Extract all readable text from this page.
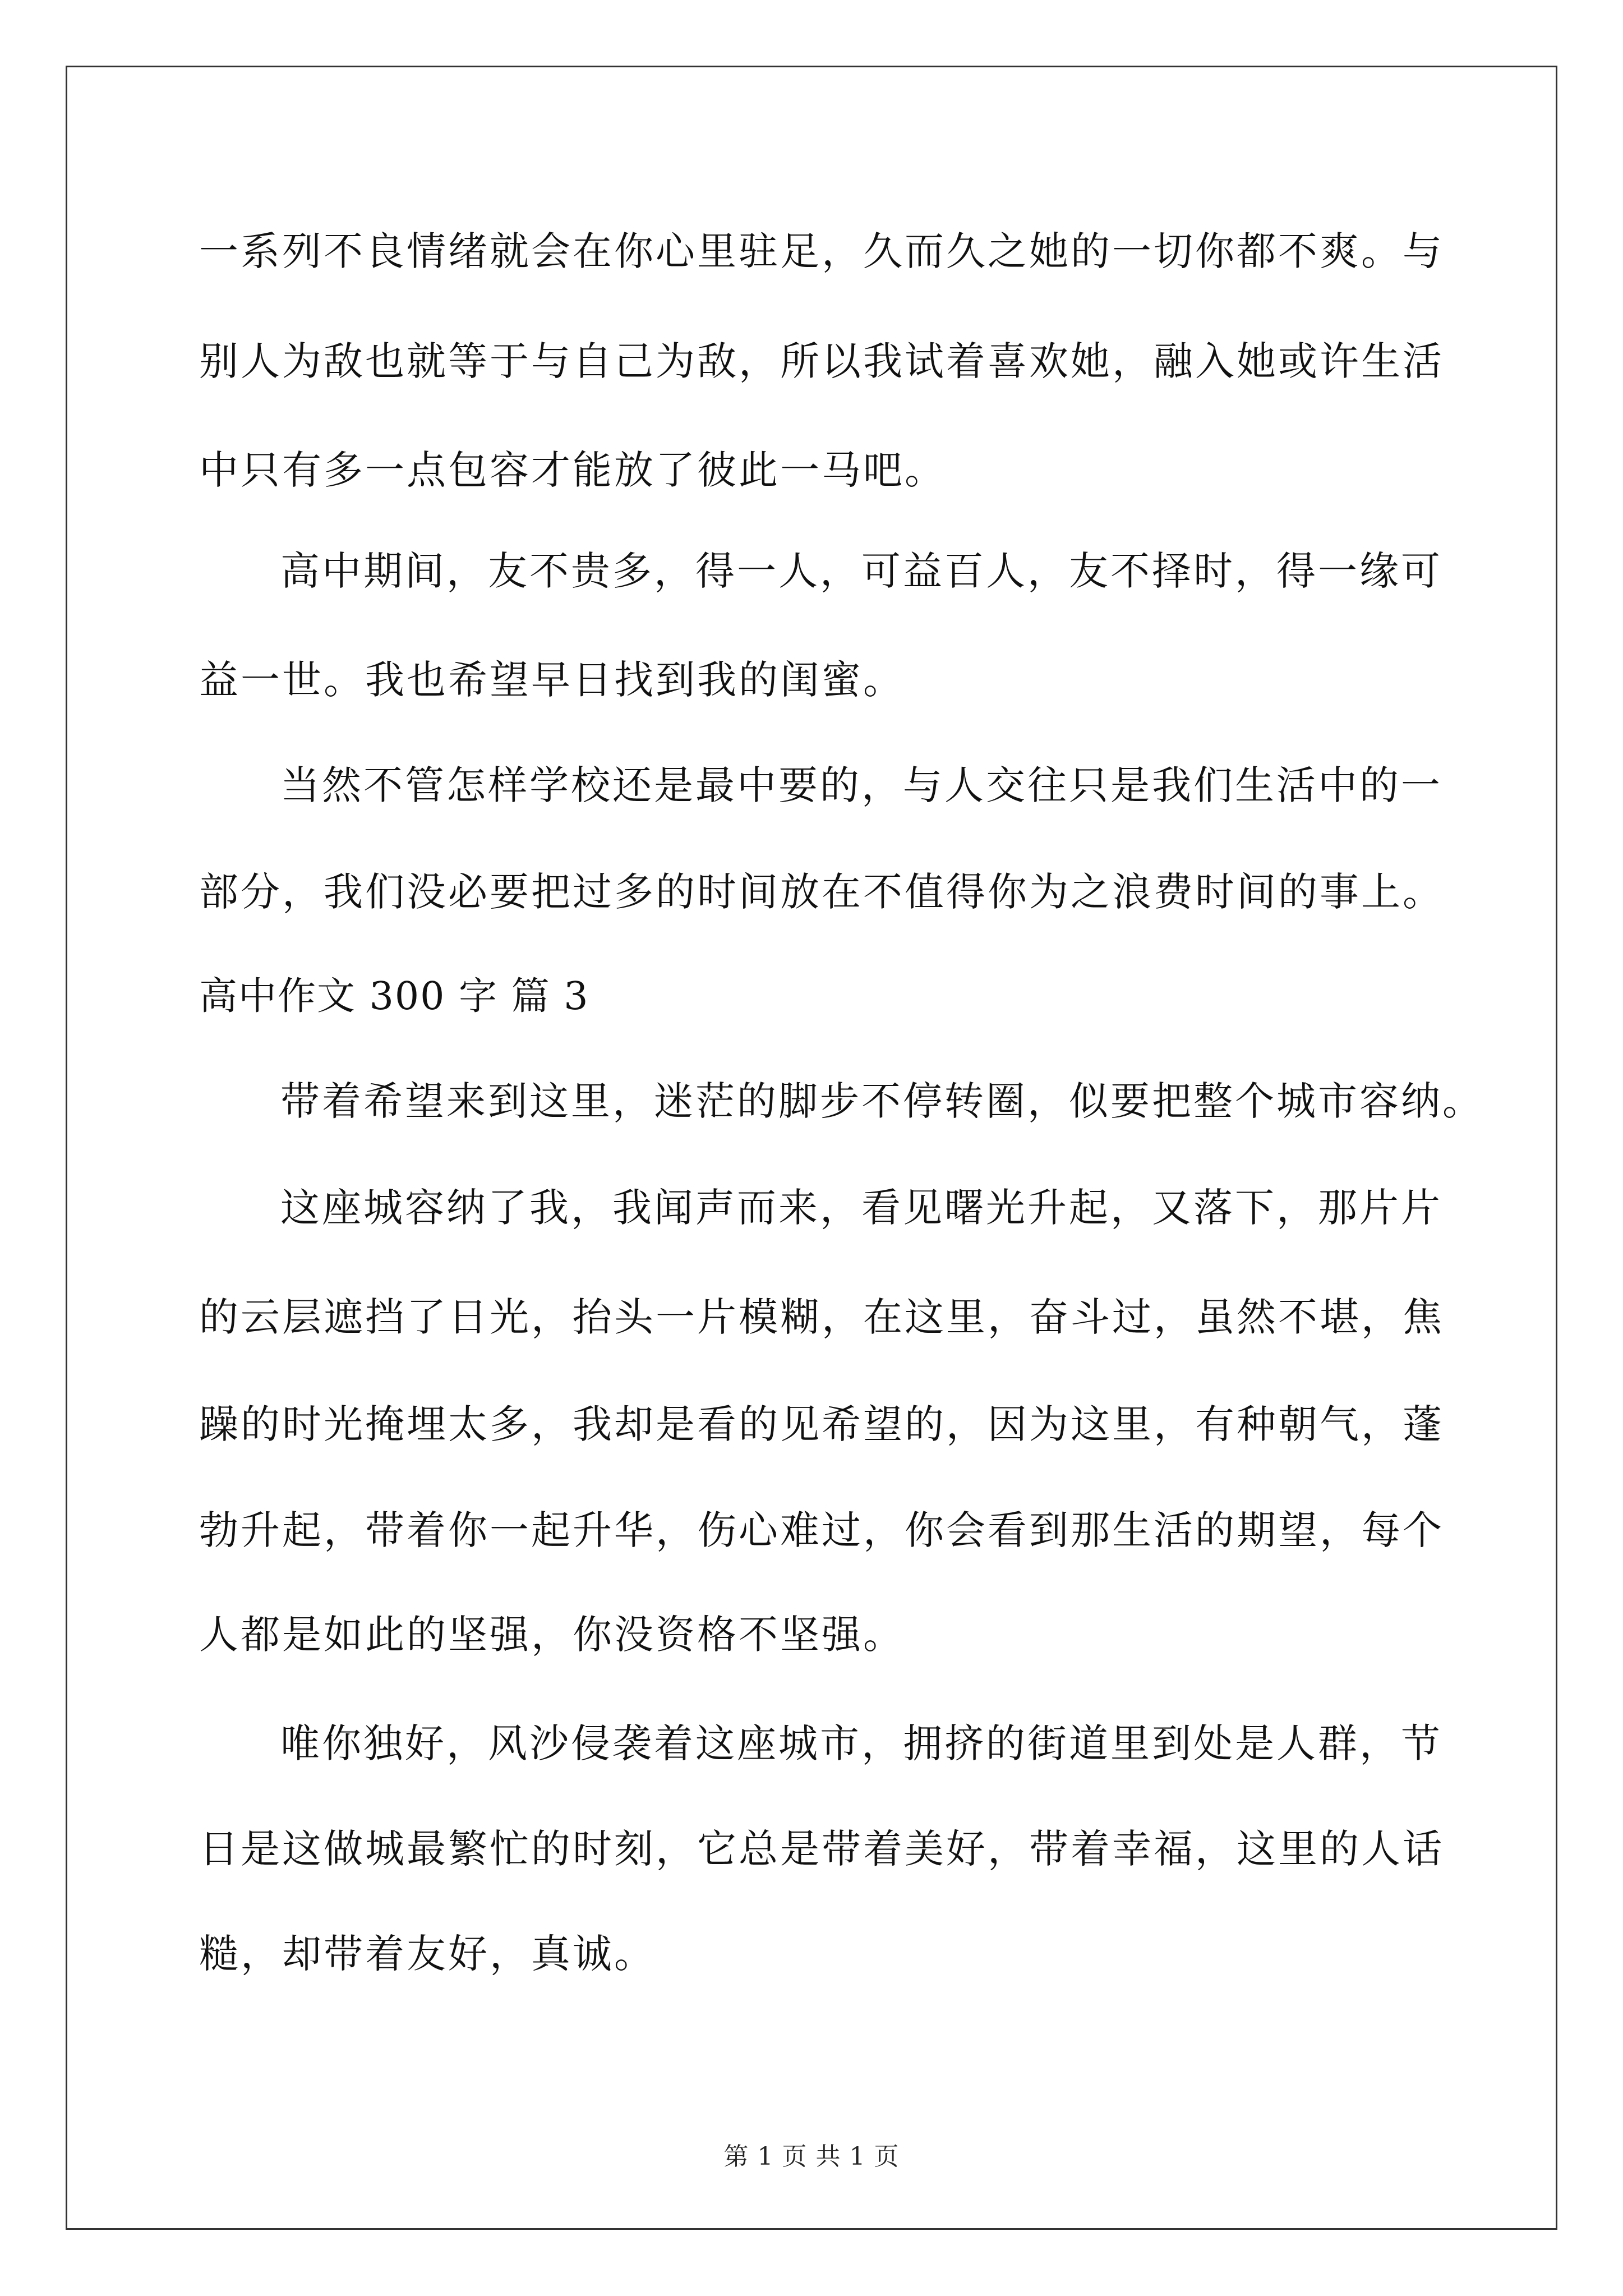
一系列不良情绪就会在你心里驻足，久而久之她的一切你都不爽。与
别人为敌也就等于与自己为敌，所以我试着喜欢她，融入她或许生活
中只有多一点包容才能放了彼此一马吧。
高中期间，友不贵多，得一人，可益百人，友不择时，得一缘可
益一世。我也希望早日找到我的闺蜜。
当然不管怎样学校还是最中要的，与人交往只是我们生活中的一
部分，我们没必要把过多的时间放在不值得你为之浪费时间的事上。
高中作文 300 字 篇 3
带着希望来到这里，迷茫的脚步不停转圈，似要把整个城市容纳。
这座城容纳了我，我闻声而来，看见曙光升起，又落下，那片片
的云层遮挡了日光，抬头一片模糊，在这里，奋斗过，虽然不堪，焦
躁的时光掩埋太多，我却是看的见希望的，因为这里，有种朝气，蓬
勃升起，带着你一起升华，伤心难过，你会看到那生活的期望，每个
人都是如此的坚强，你没资格不坚强。
唯你独好，风沙侵袭着这座城市，拥挤的街道里到处是人群，节
日是这做城最繁忙的时刻，它总是带着美好，带着幸福，这里的人话
糙，却带着友好，真诚。
第 1 页 共 1 页
